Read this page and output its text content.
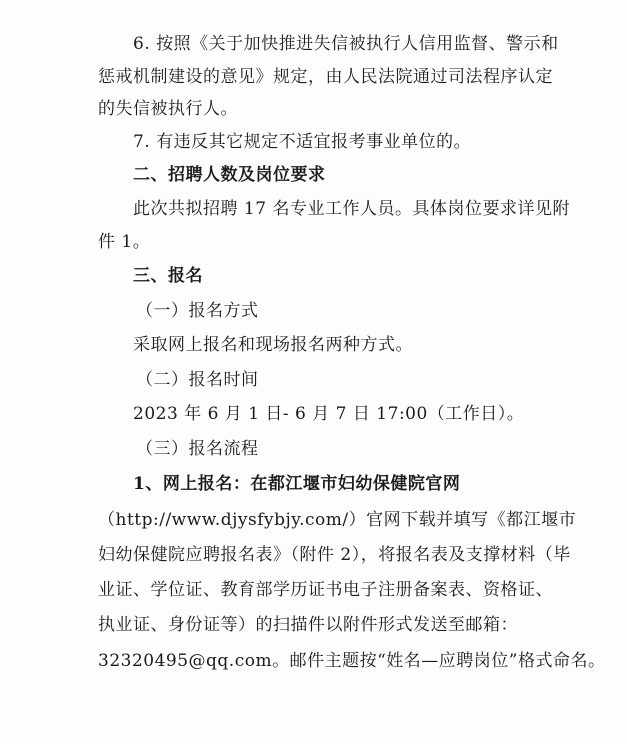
6. 按照《关于加快推进失信被执行人信用监督、警示和
惩戒机制建设的意见》规定，由人民法院通过司法程序认定
的失信被执行人。
7. 有违反其它规定不适宜报考事业单位的。
二、招聘人数及岗位要求
此次共拟招聘 17 名专业工作人员。具体岗位要求详见附
件 1。
三、报名
（一）报名方式
采取网上报名和现场报名两种方式。
（二）报名时间
2023 年 6 月 1 日- 6 月 7 日 17:00（工作日）。
（三）报名流程
1、网上报名：在都江堰市妇幼保健院官网
（http://www.djysfybjy.com/）官网下载并填写《都江堰市
妇幼保健院应聘报名表》（附件 2），将报名表及支撑材料（毕
业证、学位证、教育部学历证书电子注册备案表、资格证、
执业证、身份证等）的扫描件以附件形式发送至邮箱：
32320495@qq.com。邮件主题按“姓名—应聘岗位”格式命名。
